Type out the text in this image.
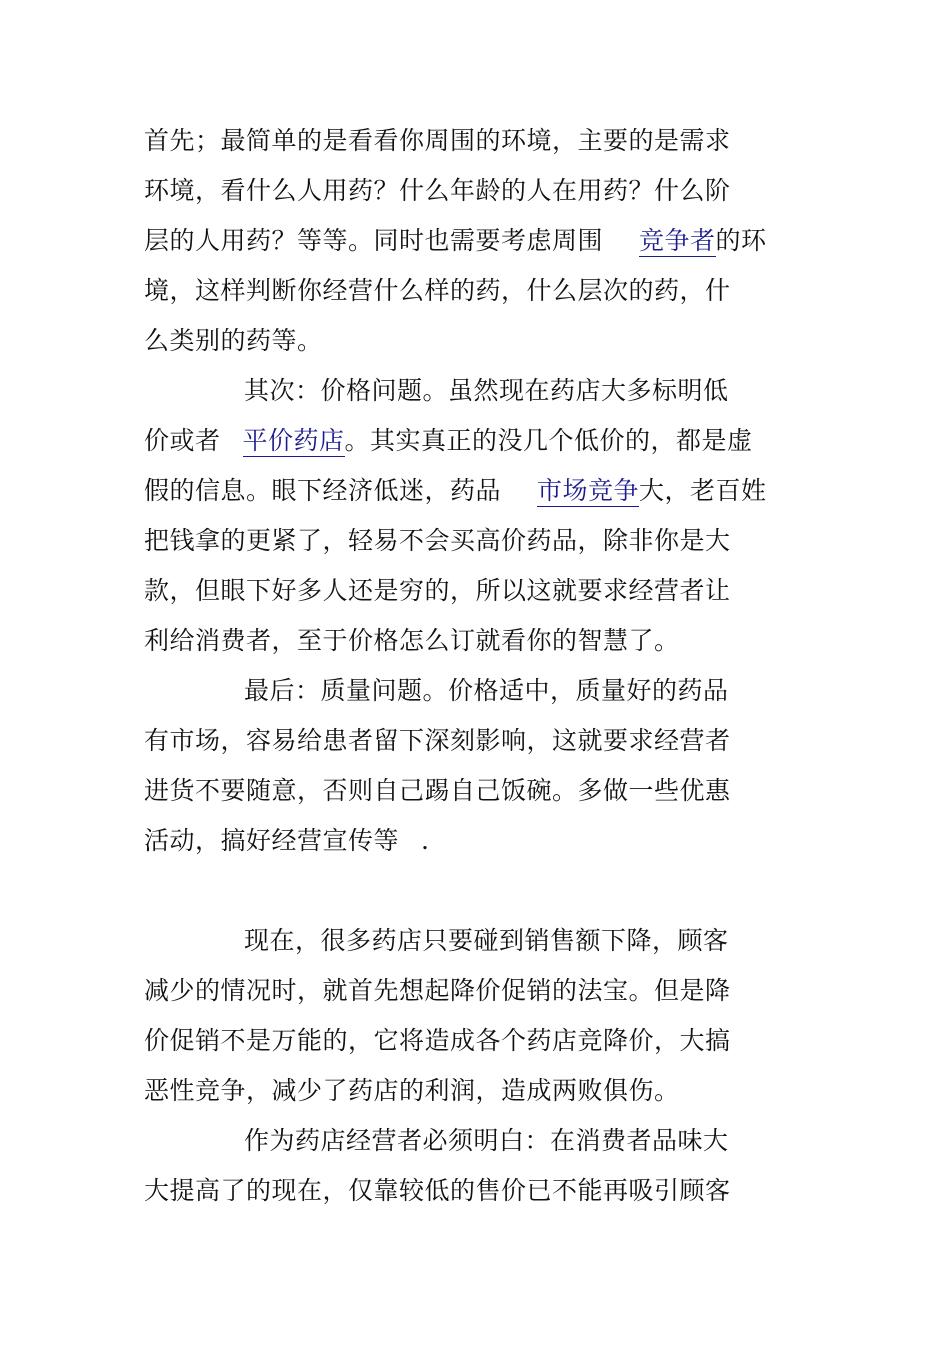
首先；最简单的是看看你周围的环境，主要的是需求
环境，看什么人用药？什么年龄的人在用药？什么阶
层的人用药？等等。同时也需要考虑周围 竞争者的环
境，这样判断你经营什么样的药，什么层次的药，什
么类别的药等。
其次：价格问题。虽然现在药店大多标明低
价或者 平价药店。其实真正的没几个低价的，都是虚
假的信息。眼下经济低迷，药品 市场竞争大，老百姓
把钱拿的更紧了，轻易不会买高价药品，除非你是大
款，但眼下好多人还是穷的，所以这就要求经营者让
利给消费者，至于价格怎么订就看你的智慧了。
最后：质量问题。价格适中，质量好的药品
有市场，容易给患者留下深刻影响，这就要求经营者
进货不要随意，否则自己踢自己饭碗。多做一些优惠
活动，搞好经营宣传等 .
现在，很多药店只要碰到销售额下降，顾客
减少的情况时，就首先想起降价促销的法宝。但是降
价促销不是万能的，它将造成各个药店竞降价，大搞
恶性竞争，减少了药店的利润，造成两败俱伤。
作为药店经营者必须明白：在消费者品味大
大提高了的现在，仅靠较低的售价已不能再吸引顾客
